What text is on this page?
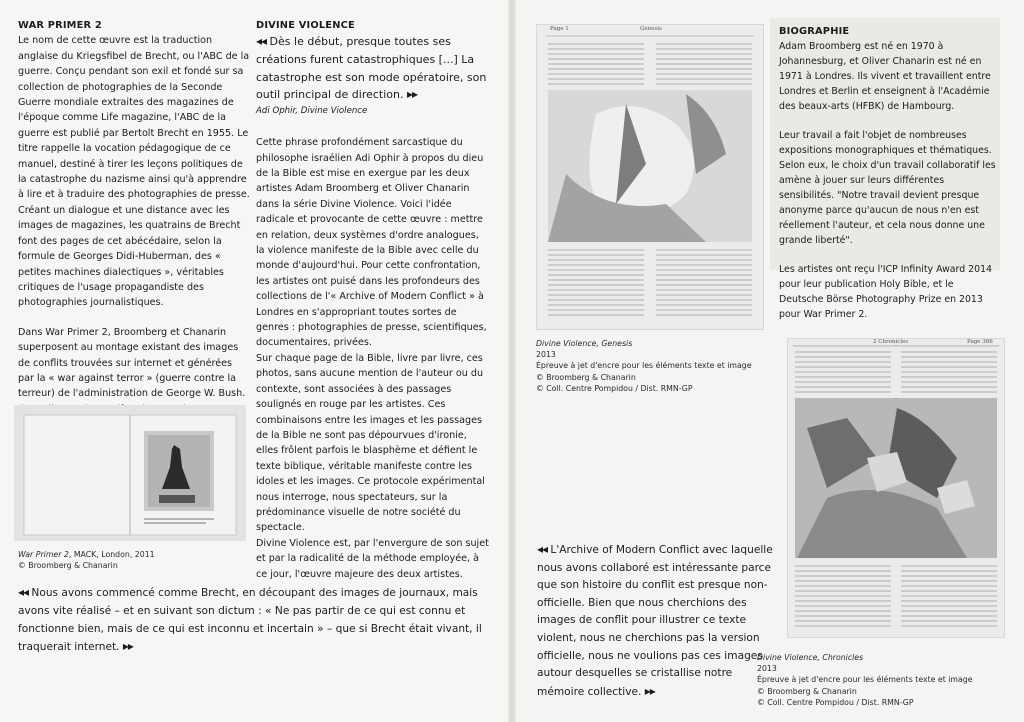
WAR PRIMER 2

Le nom de cette œuvre est la traduction anglaise du Kriegsfibel de Brecht, ou l'ABC de la guerre. Conçu pendant son exil et fondé sur sa collection de photographies de la Seconde Guerre mondiale extraites des magazines de l'époque comme Life magazine, l'ABC de la guerre est publié par Bertolt Brecht en 1955. Le titre rappelle la vocation pédagogique de ce manuel, destiné à tirer les leçons politiques de la catastrophe du nazisme ainsi qu'à apprendre à lire et à traduire des photographies de presse. Créant un dialogue et une distance avec les images de magazines, les quatrains de Brecht font des pages de cet abécédaire, selon la formule de Georges Didi-Huberman, des « petites machines dialectiques », véritables critiques de l'usage propagandiste des photographies journalistiques.

Dans War Primer 2, Broomberg et Chanarin superposent au montage existant des images de conflits trouvées sur internet et générées par la « war against terror » (guerre contre la terreur) de l'administration de George W. Bush.

War Primer 2, MACK, London, 2011
© Broomberg & Chanarin

DIVINE VIOLENCE

◂◂ Dès le début, presque toutes ses créations furent catastrophiques [...] La catastrophe est son mode opératoire, son outil principal de direction. ▸▸

Adi Ophir, Divine Violence

Cette phrase profondément sarcastique du philosophe israélien Adi Ophir à propos du dieu de la Bible est mise en exergue par les deux artistes Adam Broomberg et Oliver Chanarin dans la série Divine Violence. Voici l'idée radicale et provocante de cette œuvre : mettre en relation, deux systèmes d'ordre analogues, la violence manifeste de la Bible avec celle du monde d'aujourd'hui. Pour cette confrontation, les artistes ont puisé dans les profondeurs des collections de l'« Archive of Modern Conflict » à Londres en s'appropriant toutes sortes de genres : photographies de presse, scientifiques, documentaires, privées.

Sur chaque page de la Bible, livre par livre, ces photos, sans aucune mention de l'auteur ou du contexte, sont associées à des passages soulignés en rouge par les artistes. Ces combinaisons entre les images et les passages de la Bible ne sont pas dépourvues d'ironie, elles frôlent parfois le blasphème et défient le texte biblique, véritable manifeste contre les idoles et les images. Ce protocole expérimental nous interroge, nous spectateurs, sur la prédominance visuelle de notre société du spectacle.

Divine Violence est, par l'envergure de son sujet et par la radicalité de la méthode employée, à ce jour, l'œuvre majeure des deux artistes.

◂◂ Nous avons commencé comme Brecht, en découpant des images de journaux, mais avons vite réalisé – et en suivant son dictum : « Ne pas partir de ce qui est connu et fonctionne bien, mais de ce qui est inconnu et incertain » – que si Brecht était vivant, il traquerait internet. ▸▸
Page 1	Genesis
Divine Violence, Genesis
2013
Épreuve à jet d'encre pour les éléments texte et image
© Broomberg & Chanarin
© Coll. Centre Pompidou / Dist. RMN-GP

BIOGRAPHIE

Adam Broomberg est né en 1970 à Johannesburg, et Oliver Chanarin est né en 1971 à Londres. Ils vivent et travaillent entre Londres et Berlin et enseignent à l'Académie des beaux-arts (HFBK) de Hambourg.

Leur travail a fait l'objet de nombreuses expositions monographiques et thématiques. Selon eux, le choix d'un travail collaboratif les amène à jouer sur leurs différentes sensibilités. "Notre travail devient presque anonyme parce qu'aucun de nous n'en est réellement l'auteur, et cela nous donne une grande liberté".

Les artistes ont reçu l'ICP Infinity Award 2014 pour leur publication Holy Bible, et le Deutsche Börse Photography Prize en 2013 pour War Primer 2.

2 Chronicles	Page 366
◂◂ L'Archive of Modern Conflict avec laquelle nous avons collaboré est intéressante parce que son histoire du conflit est presque non-officielle. Bien que nous cherchions des images de conflit pour illustrer ce texte violent, nous ne cherchions pas la version officielle, nous ne voulions pas ces images autour desquelles se cristallise notre mémoire collective. ▸▸
Divine Violence, Chronicles
2013
Épreuve à jet d'encre pour les éléments texte et image
© Broomberg & Chanarin
© Coll. Centre Pompidou / Dist. RMN-GP
